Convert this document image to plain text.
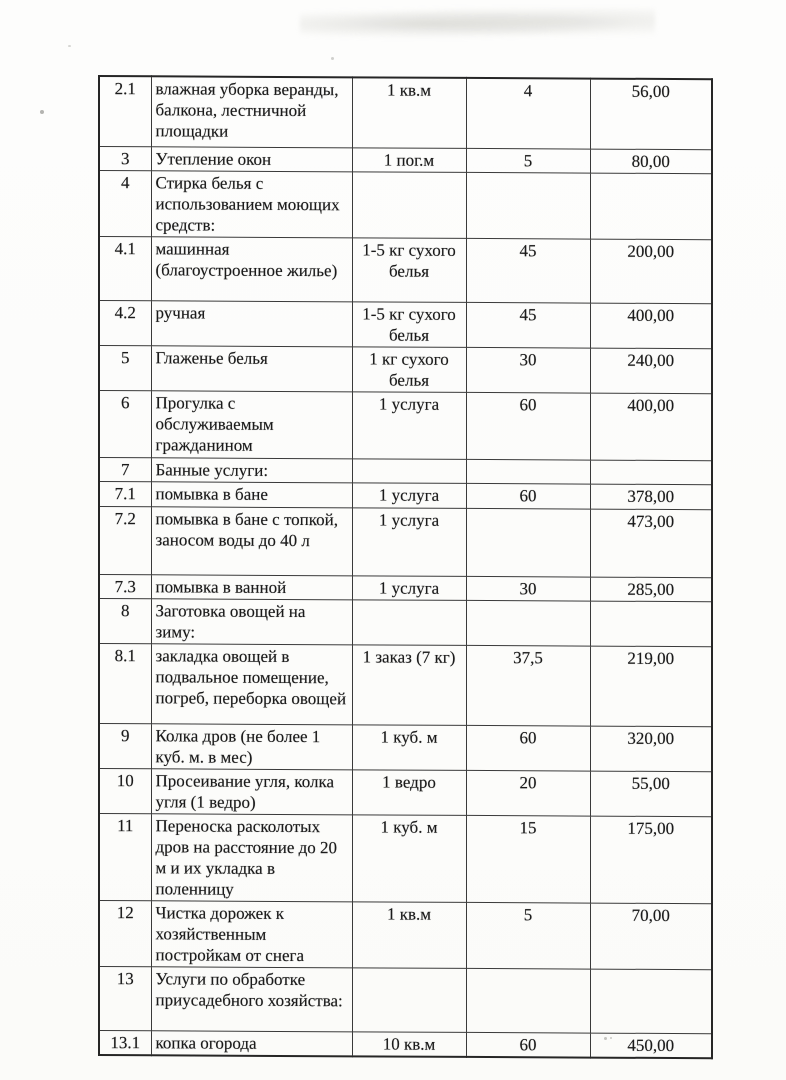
2.1	влажная уборка веранды, балкона, лестничной площадки	1 кв.м	4	56,00
3	Утепление окон	1 пог.м	5	80,00
4	Стирка белья с использованием моющих средств:			
4.1	машинная (благоустроенное жилье)	1-5 кг сухого белья	45	200,00
4.2	ручная	1-5 кг сухого белья	45	400,00
5	Глаженье белья	1 кг сухого белья	30	240,00
6	Прогулка с обслуживаемым гражданином	1 услуга	60	400,00
7	Банные услуги:			
7.1	помывка в бане	1 услуга	60	378,00
7.2	помывка в бане с топкой, заносом воды до 40 л	1 услуга		473,00
7.3	помывка в ванной	1 услуга	30	285,00
8	Заготовка овощей на зиму:			
8.1	закладка овощей в подвальное помещение, погреб, переборка овощей	1 заказ (7 кг)	37,5	219,00
9	Колка дров (не более 1 куб. м. в мес)	1 куб. м	60	320,00
10	Просеивание угля, колка угля (1 ведро)	1 ведро	20	55,00
11	Переноска расколотых дров на расстояние до 20 м и их укладка в поленницу	1 куб. м	15	175,00
12	Чистка дорожек к хозяйственным постройкам от снега	1 кв.м	5	70,00
13	Услуги по обработке приусадебного хозяйства:			
13.1	копка огорода	10 кв.м	60	450,00
